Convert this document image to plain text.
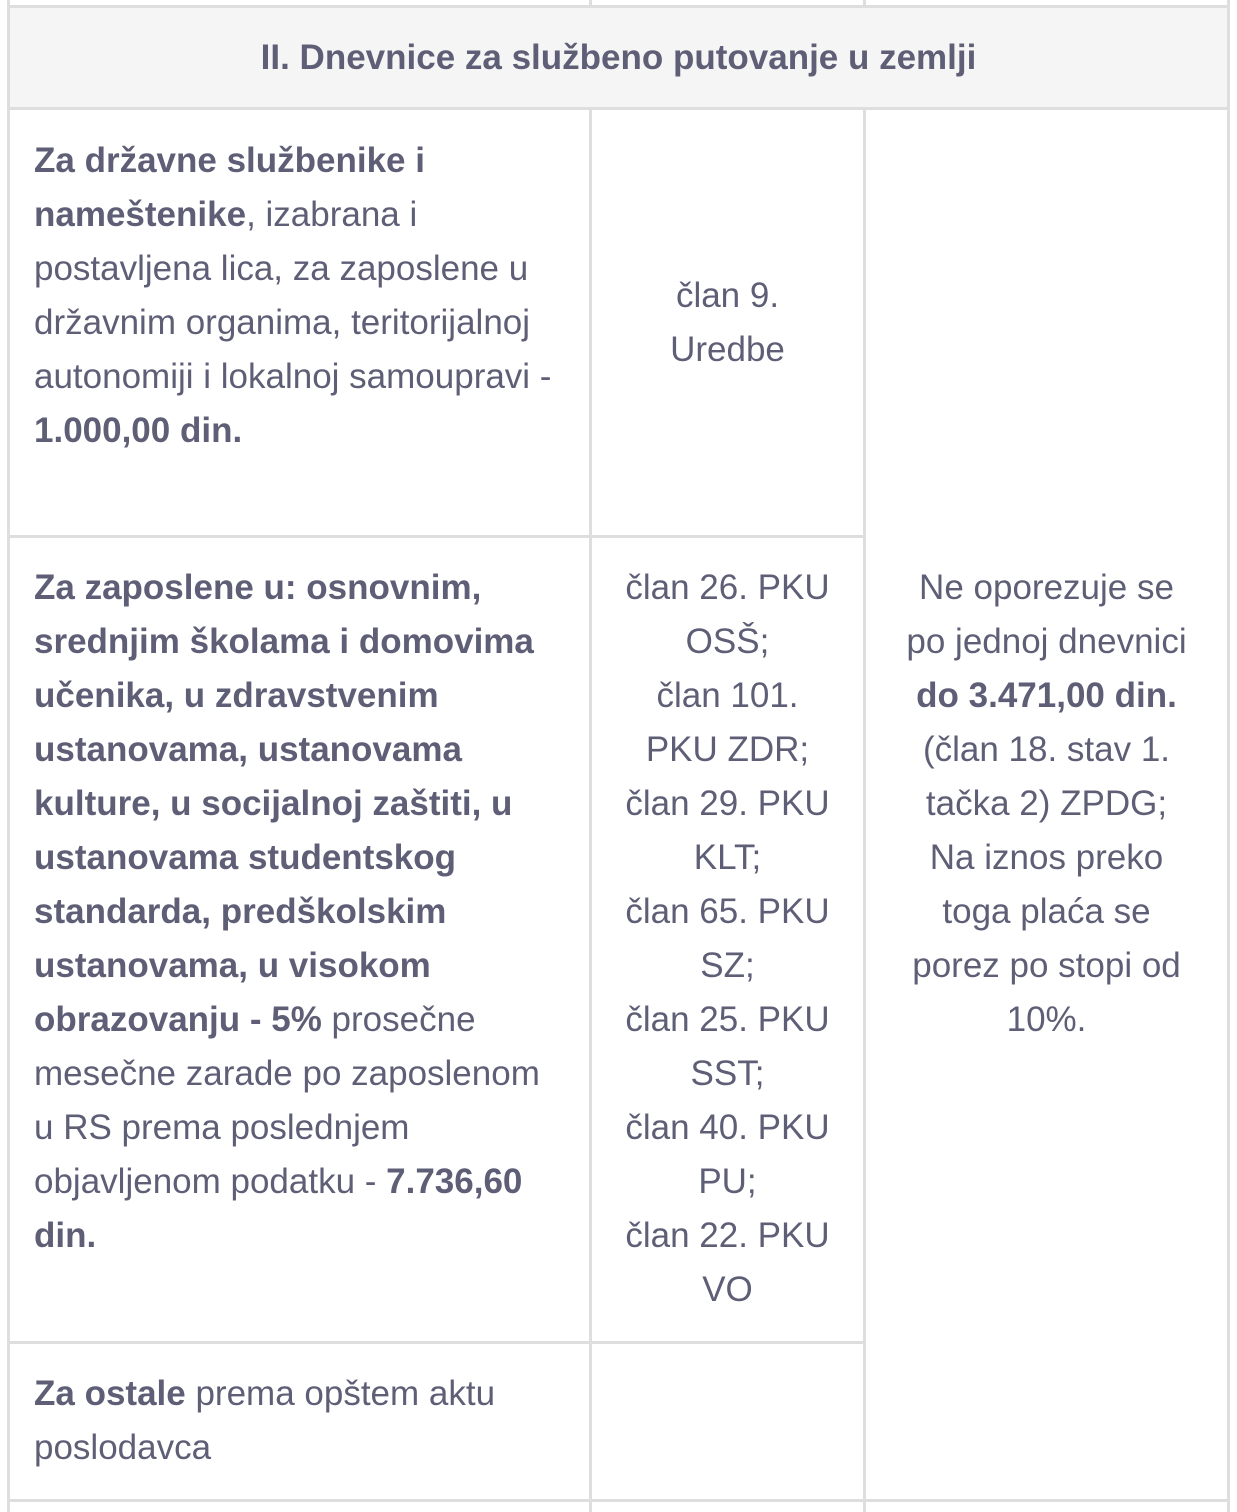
II. Dnevnice za službeno putovanje u zemlji
Za državne službenike i nameštenike, izabrana i postavljena lica, za zaposlene u državnim organima, teritorijalnoj autonomiji i lokalnoj samoupravi - 1.000,00 din.
član 9.
Uredbe
Za zaposlene u: osnovnim, srednjim školama i domovima učenika, u zdravstvenim ustanovama, ustanovama kulture, u socijalnoj zaštiti, u ustanovama studentskog standarda, predškolskim ustanovama, u visokom obrazovanju - 5% prosečne mesečne zarade po zaposlenom u RS prema poslednjem objavljenom podatku - 7.736,60 din.
član 26. PKU
OSŠ;
član 101.
PKU ZDR;
član 29. PKU
KLT;
član 65. PKU
SZ;
član 25. PKU
SST;
član 40. PKU
PU;
član 22. PKU
VO
Ne oporezuje se
po jednoj dnevnici
do 3.471,00 din.
(član 18. stav 1.
tačka 2) ZPDG;
Na iznos preko
toga plaća se
porez po stopi od
10%.
Za ostale prema opštem aktu poslodavca
